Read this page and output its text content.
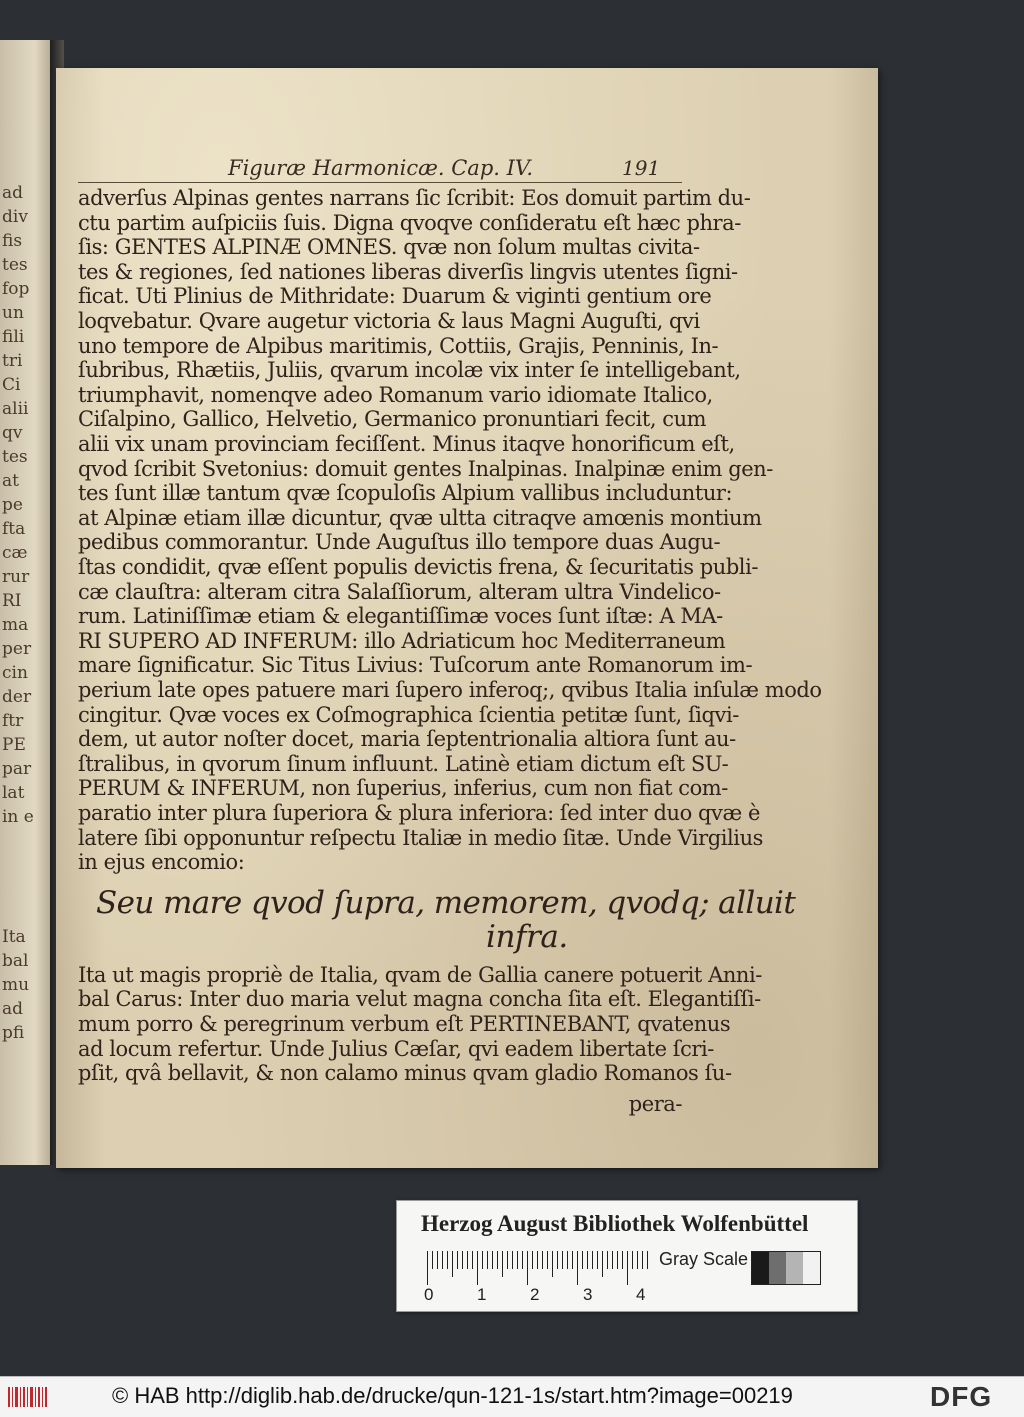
ad
div
fis
tes
fop
un
fili
tri
Ci
alii
qv
tes
at
pe
fta
cæ
rur
RI
ma
per
cin
der
ftr
PE
par
lat
in e
Ita
bal
mu
ad
pfi
Figuræ Harmonicæ. Cap. IV.	191
adverſus Alpinas gentes narrans ſic ſcribit: Eos domuit partim du-
ctu partim auſpiciis ſuis. Digna qvoqve conſideratu eſt hæc phra-
ſis: GENTES ALPINÆ OMNES. qvæ non ſolum multas civita-
tes & regiones, ſed nationes liberas diverſis lingvis utentes ſigni-
ficat. Uti Plinius de Mithridate: Duarum & viginti gentium ore
loqvebatur. Qvare augetur victoria & laus Magni Auguſti, qvi
uno tempore de Alpibus maritimis, Cottiis, Grajis, Penninis, In-
ſubribus, Rhætiis, Juliis, qvarum incolæ vix inter ſe intelligebant,
triumphavit, nomenqve adeo Romanum vario idiomate Italico,
Ciſalpino, Gallico, Helvetio, Germanico pronuntiari fecit, cum
alii vix unam provinciam feciſſent. Minus itaqve honorificum eſt,
qvod ſcribit Svetonius: domuit gentes Inalpinas. Inalpinæ enim gen-
tes ſunt illæ tantum qvæ ſcopuloſis Alpium vallibus includuntur:
at Alpinæ etiam illæ dicuntur, qvæ ultta citraqve amœnis montium
pedibus commorantur. Unde Auguſtus illo tempore duas Augu-
ſtas condidit, qvæ eſſent populis devictis frena, & ſecuritatis publi-
cæ clauſtra: alteram citra Salaſſiorum, alteram ultra Vindelico-
rum. Latiniſſimæ etiam & elegantiſſimæ voces ſunt iſtæ: A MA-
RI SUPERO AD INFERUM: illo Adriaticum hoc Mediterraneum
mare ſignificatur. Sic Titus Livius: Tuſcorum ante Romanorum im-
perium late opes patuere mari ſupero inferoq;, qvibus Italia inſulæ modo
cingitur. Qvæ voces ex Coſmographica ſcientia petitæ ſunt, ſiqvi-
dem, ut autor noſter docet, maria ſeptentrionalia altiora ſunt au-
ſtralibus, in qvorum ſinum influunt. Latinè etiam dictum eſt SU-
PERUM & INFERUM, non ſuperius, inferius, cum non fiat com-
paratio inter plura ſuperiora & plura inferiora: ſed inter duo qvæ è
latere ſibi opponuntur reſpectu Italiæ in medio ſitæ. Unde Virgilius
in ejus encomio:
Seu mare qvod ſupra, memorem, qvodq; alluit
infra.
Ita ut magis propriè de Italia, qvam de Gallia canere potuerit Anni-
bal Carus: Inter duo maria velut magna concha ſita eſt. Elegantiſſi-
mum porro & peregrinum verbum eſt PERTINEBANT, qvatenus
ad locum refertur. Unde Julius Cæſar, qvi eadem libertate ſcri-
pſit, qvâ bellavit, & non calamo minus qvam gladio Romanos ſu-
pera-
Herzog August Bibliothek Wolfenbüttel
0	1	2	3	4
Gray Scale
© HAB http://diglib.hab.de/drucke/qun-121-1s/start.htm?image=00219	DFG
